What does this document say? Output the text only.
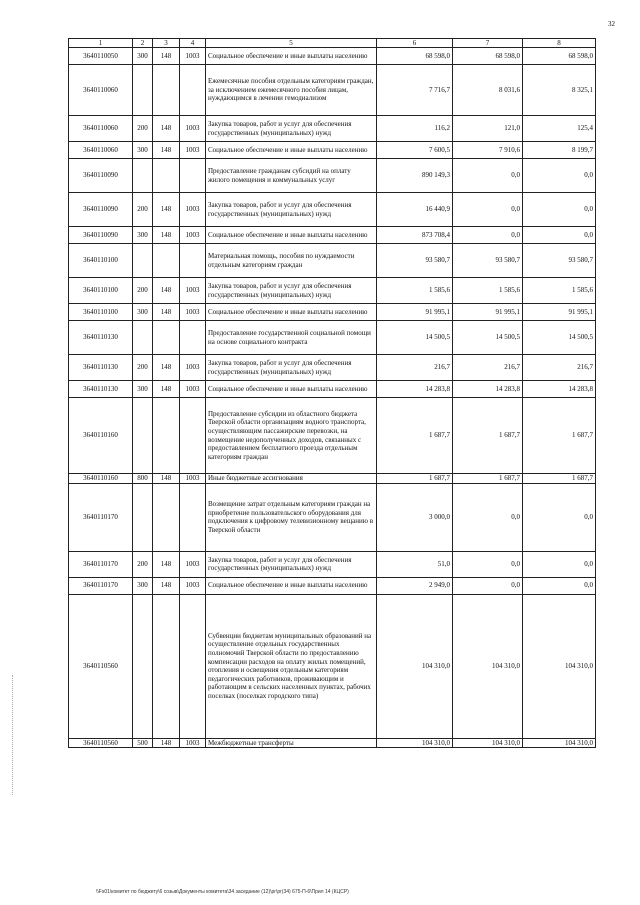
32
1	2	3	4	5	6	7	8
3640110050	300	148	1003	Социальное обеспечение и иные выплаты населению	68 598,0	68 598,0	68 598,0
3640110060				Ежемесячные пособия отдельным категориям граждан, за исключением ежемесячного пособия лицам, нуждающимся в лечении гемодиализом	7 716,7	8 031,6	8 325,1
3640110060	200	148	1003	Закупка товаров, работ и услуг для обеспечения государственных (муниципальных) нужд	116,2	121,0	125,4
3640110060	300	148	1003	Социальное обеспечение и иные выплаты населению	7 600,5	7 910,6	8 199,7
3640110090				Предоставление гражданам субсидий на оплату жилого помещения и коммунальных услуг	890 149,3	0,0	0,0
3640110090	200	148	1003	Закупка товаров, работ и услуг для обеспечения государственных (муниципальных) нужд	16 440,9	0,0	0,0
3640110090	300	148	1003	Социальное обеспечение и иные выплаты населению	873 708,4	0,0	0,0
3640110100				Материальная помощь, пособия по нуждаемости отдельным категориям граждан	93 580,7	93 580,7	93 580,7
3640110100	200	148	1003	Закупка товаров, работ и услуг для обеспечения государственных (муниципальных) нужд	1 585,6	1 585,6	1 585,6
3640110100	300	148	1003	Социальное обеспечение и иные выплаты населению	91 995,1	91 995,1	91 995,1
3640110130				Предоставление государственной социальной помощи на основе социального контракта	14 500,5	14 500,5	14 500,5
3640110130	200	148	1003	Закупка товаров, работ и услуг для обеспечения государственных (муниципальных) нужд	216,7	216,7	216,7
3640110130	300	148	1003	Социальное обеспечение и иные выплаты населению	14 283,8	14 283,8	14 283,8
3640110160				Предоставление субсидии из областного бюджета Тверской области организациям водного транспорта, осуществляющим пассажирские перевозки, на возмещение недополученных доходов, связанных с предоставлением бесплатного проезда отдельным категориям граждан	1 687,7	1 687,7	1 687,7
3640110160	800	148	1003	Иные бюджетные ассигнования	1 687,7	1 687,7	1 687,7
3640110170				Возмещение затрат отдельным категориям граждан на приобретение пользовательского оборудования для подключения к цифровому телевизионному вещанию в Тверской области	3 000,0	0,0	0,0
3640110170	200	148	1003	Закупка товаров, работ и услуг для обеспечения государственных (муниципальных) нужд	51,0	0,0	0,0
3640110170	300	148	1003	Социальное обеспечение и иные выплаты населению	2 949,0	0,0	0,0
3640110560				Субвенции бюджетам муниципальных образований на осуществление отдельных государственных полномочий Тверской области по предоставлению компенсации расходов на оплату жилых помещений, отопления и освещения отдельным категориям педагогических работников, проживающим и работающим в сельских населенных пунктах, рабочих поселках (поселках городского типа)	104 310,0	104 310,0	104 310,0
3640110560	500	148	1003	Межбюджетные трансферты	104 310,0	104 310,0	104 310,0
\\Fs01\комитет по бюджету\6 созыв\Документы комитета\34 заседание (12)\pr\pr(34) 675-П-6\Прил 14 (КЦСР)
